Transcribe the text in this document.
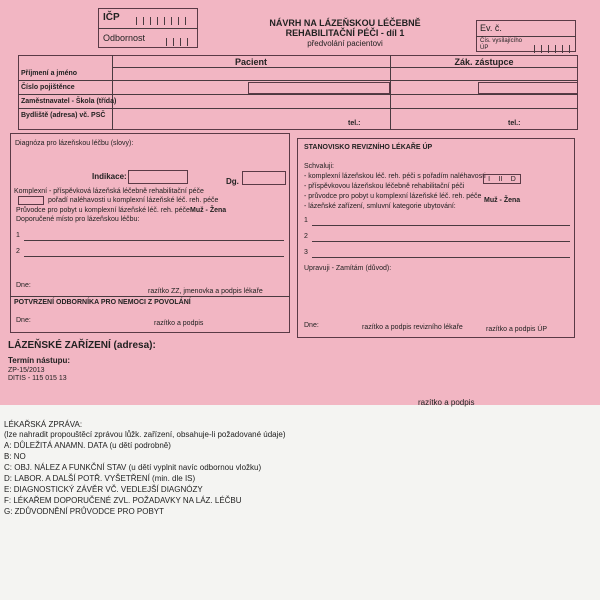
IČP
Odbornost
NÁVRH NA LÁZEŇSKOU LÉČEBNĚ
REHABILITAČNÍ PÉČI - díl 1
předvolání pacientovi
Ev. č.
Čís. vysílajícího ÚP
Pacient	Zák. zástupce
Příjmení a jméno
Číslo pojištěnce
Zaměstnavatel - Škola (třída)
Bydliště (adresa) vč. PSČ
tel.:	tel.:
Diagnóza pro lázeňskou léčbu (slovy):
Indikace:
Dg.
Komplexní - příspěvková lázeňská léčebně rehabilitační péče
pořadí naléhavosti u komplexní lázeňské léč. reh. péče
Průvodce pro pobyt u komplexní lázeňské léč. reh. péče Muž - Žena
Doporučené místo pro lázeňskou léčbu:
1
2
Dne:
razítko ZZ, jmenovka a podpis lékaře
POTVRZENÍ ODBORNÍKA PRO NEMOCI Z POVOLÁNÍ
Dne:	razítko a podpis
STANOVISKO REVIZNÍHO LÉKAŘE ÚP
Schvaluji:
- komplexní lázeňskou léč. reh. péči s pořadím naléhavosti I II D
- příspěvkovou lázeňskou léčebně rehabilitační péči
- průvodce pro pobyt u komplexní lázeňské léč. reh. péče
Muž - Žena
- lázeňské zařízení, smluvní kategorie ubytování:
1
2
3
Upravuji - Zamítám (důvod):
Dne:	razítko a podpis revizního lékaře	razítko a podpis ÚP
LÁZEŇSKÉ ZAŘÍZENÍ (adresa):
Termín nástupu:
ZP-15/2013
DITIS - 115 015 13
razítko a podpis
LÉKAŘSKÁ ZPRÁVA:
(lze nahradit propouštěcí zprávou lůžk. zařízení, obsahuje-li požadované údaje)
A: DŮLEŽITÁ ANAMN. DATA (u dětí podrobně)
B: NO
C: OBJ. NÁLEZ A FUNKČNÍ STAV (u dětí vyplnit navíc odbornou vložku)
D: LABOR. A DALŠÍ POTŘ. VYŠETŘENÍ (min. dle IS)
E: DIAGNOSTICKÝ ZÁVĚR VČ. VEDLEJŠÍ DIAGNÓZY
F: LÉKAŘEM DOPORUČENÉ ZVL. POŽADAVKY NA LÁZ. LÉČBU
G: ZDŮVODNĚNÍ PRŮVODCE PRO POBYT
